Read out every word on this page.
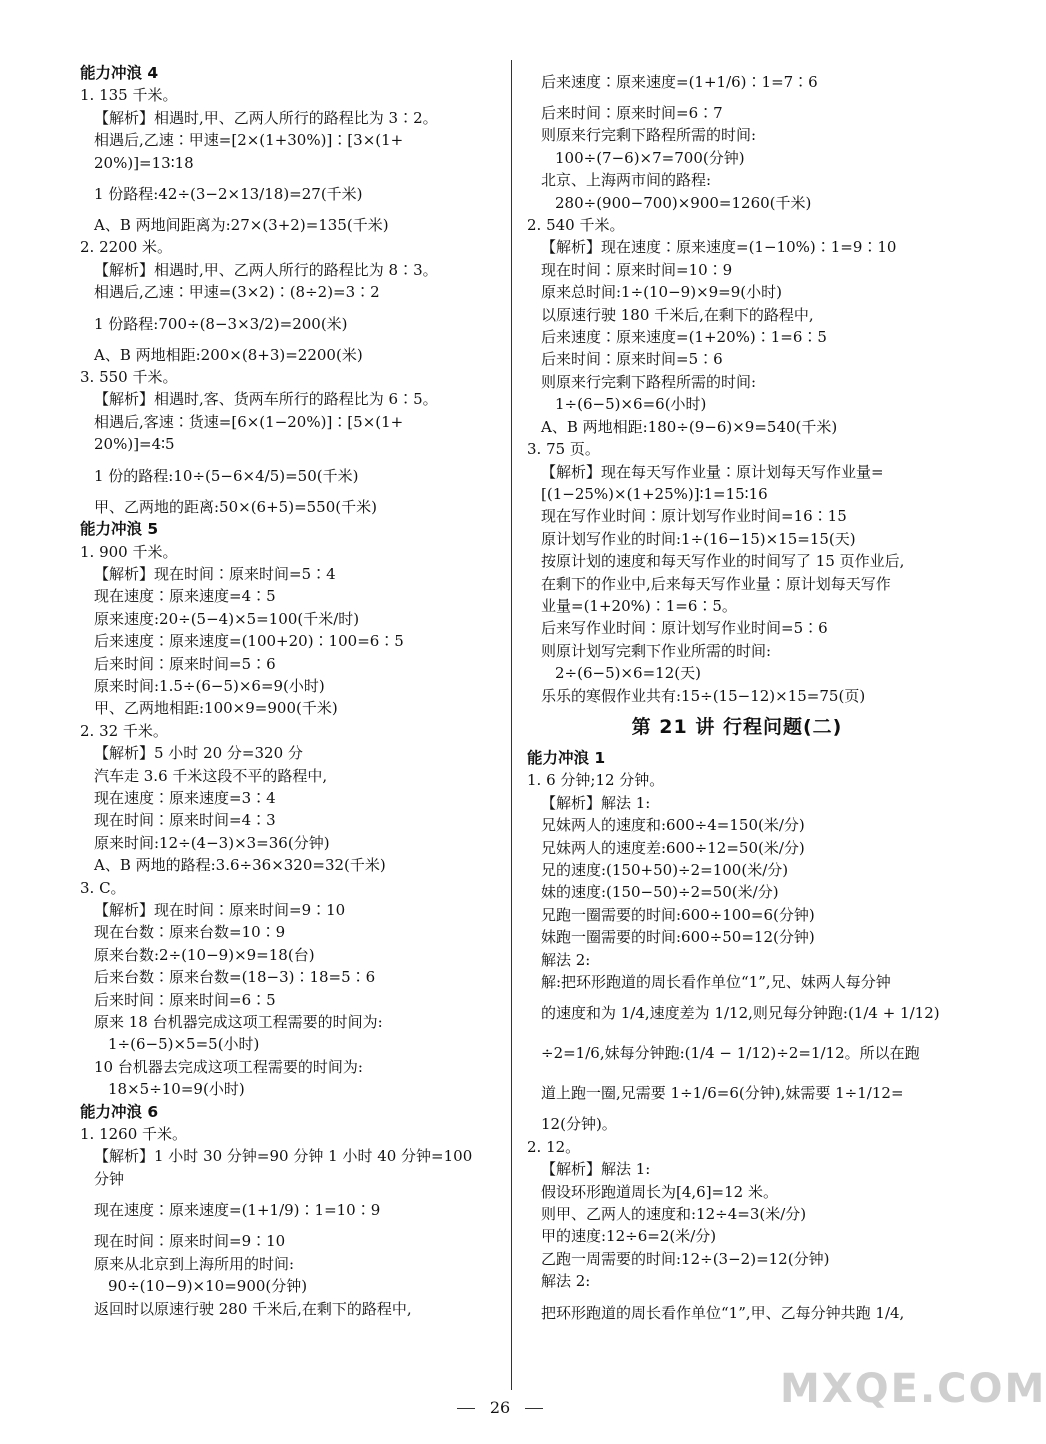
能力冲浪 4
1. 135 千米。
【解析】相遇时,甲、乙两人所行的路程比为 3∶2。
相遇后,乙速∶甲速=[2×(1+30%)]∶[3×(1+
20%)]=13∶18
1 份路程:42÷(3−2×13/18)=27(千米)
A、B 两地间距离为:27×(3+2)=135(千米)
2. 2200 米。
【解析】相遇时,甲、乙两人所行的路程比为 8∶3。
相遇后,乙速∶甲速=(3×2)∶(8÷2)=3∶2
1 份路程:700÷(8−3×3/2)=200(米)
A、B 两地相距:200×(8+3)=2200(米)
3. 550 千米。
【解析】相遇时,客、货两车所行的路程比为 6∶5。
相遇后,客速∶货速=[6×(1−20%)]∶[5×(1+
20%)]=4∶5
1 份的路程:10÷(5−6×4/5)=50(千米)
甲、乙两地的距离:50×(6+5)=550(千米)
能力冲浪 5
1. 900 千米。
【解析】现在时间∶原来时间=5∶4
现在速度∶原来速度=4∶5
原来速度:20÷(5−4)×5=100(千米/时)
后来速度∶原来速度=(100+20)∶100=6∶5
后来时间∶原来时间=5∶6
原来时间:1.5÷(6−5)×6=9(小时)
甲、乙两地相距:100×9=900(千米)
2. 32 千米。
【解析】5 小时 20 分=320 分
汽车走 3.6 千米这段不平的路程中,
现在速度∶原来速度=3∶4
现在时间∶原来时间=4∶3
原来时间:12÷(4−3)×3=36(分钟)
A、B 两地的路程:3.6÷36×320=32(千米)
3. C。
【解析】现在时间∶原来时间=9∶10
现在台数∶原来台数=10∶9
原来台数:2÷(10−9)×9=18(台)
后来台数∶原来台数=(18−3)∶18=5∶6
后来时间∶原来时间=6∶5
原来 18 台机器完成这项工程需要的时间为:
1÷(6−5)×5=5(小时)
10 台机器去完成这项工程需要的时间为:
18×5÷10=9(小时)
能力冲浪 6
1. 1260 千米。
【解析】1 小时 30 分钟=90 分钟 1 小时 40 分钟=100
分钟
现在速度∶原来速度=(1+1/9)∶1=10∶9
现在时间∶原来时间=9∶10
原来从北京到上海所用的时间:
90÷(10−9)×10=900(分钟)
返回时以原速行驶 280 千米后,在剩下的路程中,
后来速度∶原来速度=(1+1/6)∶1=7∶6
后来时间∶原来时间=6∶7
则原来行完剩下路程所需的时间:
100÷(7−6)×7=700(分钟)
北京、上海两市间的路程:
280÷(900−700)×900=1260(千米)
2. 540 千米。
【解析】现在速度∶原来速度=(1−10%)∶1=9∶10
现在时间∶原来时间=10∶9
原来总时间:1÷(10−9)×9=9(小时)
以原速行驶 180 千米后,在剩下的路程中,
后来速度∶原来速度=(1+20%)∶1=6∶5
后来时间∶原来时间=5∶6
则原来行完剩下路程所需的时间:
1÷(6−5)×6=6(小时)
A、B 两地相距:180÷(9−6)×9=540(千米)
3. 75 页。
【解析】现在每天写作业量∶原计划每天写作业量=
[(1−25%)×(1+25%)]∶1=15∶16
现在写作业时间∶原计划写作业时间=16∶15
原计划写作业的时间:1÷(16−15)×15=15(天)
按原计划的速度和每天写作业的时间写了 15 页作业后,
在剩下的作业中,后来每天写作业量∶原计划每天写作
业量=(1+20%)∶1=6∶5。
后来写作业时间∶原计划写作业时间=5∶6
则原计划写完剩下作业所需的时间:
2÷(6−5)×6=12(天)
乐乐的寒假作业共有:15÷(15−12)×15=75(页)
第 21 讲 行程问题(二)
能力冲浪 1
1. 6 分钟;12 分钟。
【解析】解法 1:
兄妹两人的速度和:600÷4=150(米/分)
兄妹两人的速度差:600÷12=50(米/分)
兄的速度:(150+50)÷2=100(米/分)
妹的速度:(150−50)÷2=50(米/分)
兄跑一圈需要的时间:600÷100=6(分钟)
妹跑一圈需要的时间:600÷50=12(分钟)
解法 2:
解:把环形跑道的周长看作单位“1”,兄、妹两人每分钟
的速度和为 1/4,速度差为 1/12,则兄每分钟跑:(1/4 + 1/12)
÷2=1/6,妹每分钟跑:(1/4 − 1/12)÷2=1/12。所以在跑
道上跑一圈,兄需要 1÷1/6=6(分钟),妹需要 1÷1/12=
12(分钟)。
2. 12。
【解析】解法 1:
假设环形跑道周长为[4,6]=12 米。
则甲、乙两人的速度和:12÷4=3(米/分)
甲的速度:12÷6=2(米/分)
乙跑一周需要的时间:12÷(3−2)=12(分钟)
解法 2:
把环形跑道的周长看作单位“1”,甲、乙每分钟共跑 1/4,
26	MXQE.COM
